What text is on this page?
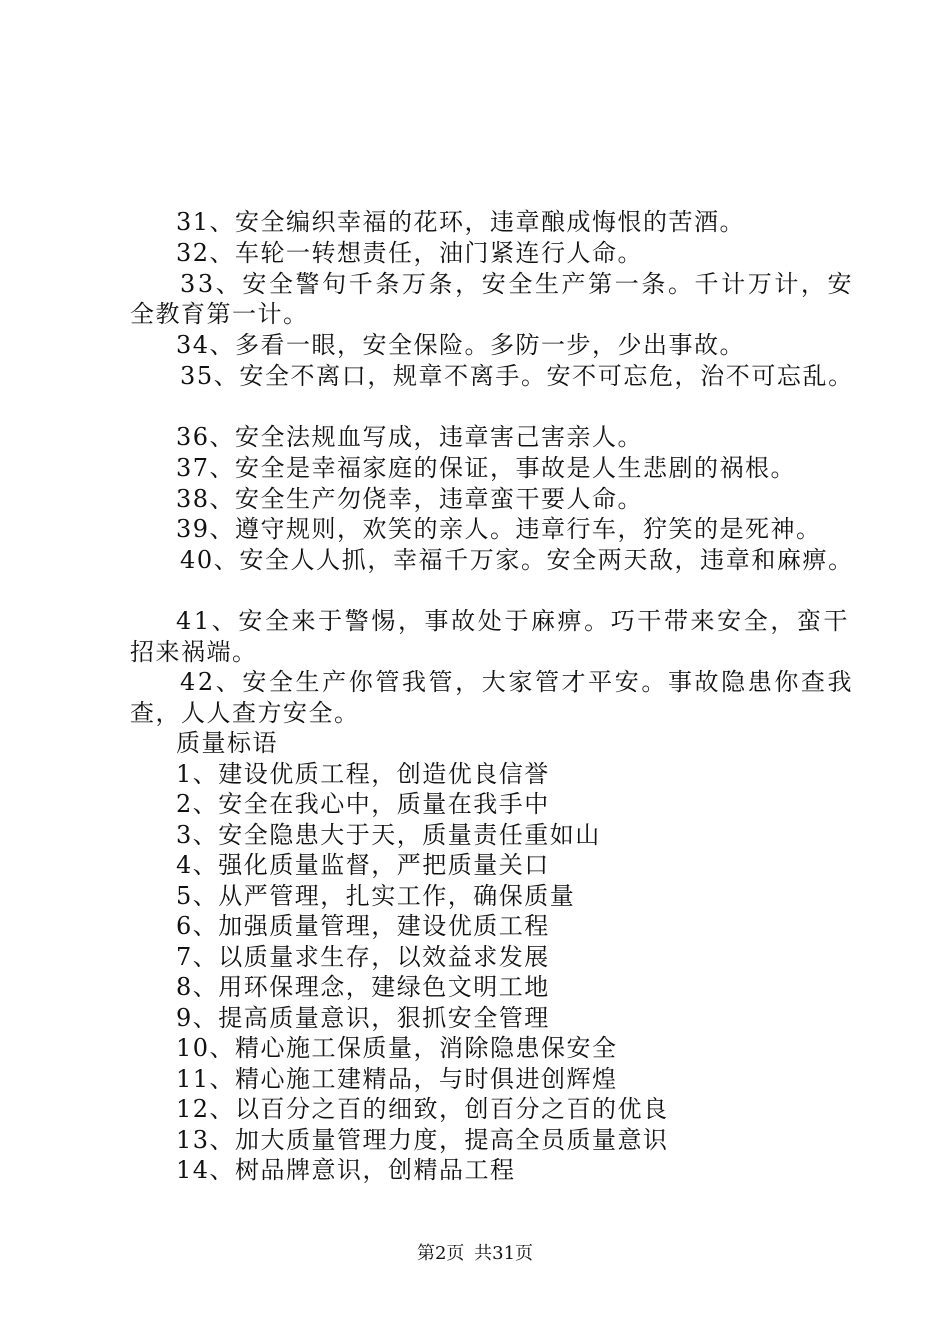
31、安全编织幸福的花环，违章酿成悔恨的苦酒。
32、车轮一转想责任，油门紧连行人命。
33、安全警句千条万条，安全生产第一条。千计万计，安
全教育第一计。
34、多看一眼，安全保险。多防一步，少出事故。
35、安全不离口，规章不离手。安不可忘危，治不可忘乱。
36、安全法规血写成，违章害己害亲人。
37、安全是幸福家庭的保证，事故是人生悲剧的祸根。
38、安全生产勿侥幸，违章蛮干要人命。
39、遵守规则，欢笑的亲人。违章行车，狞笑的是死神。
40、安全人人抓，幸福千万家。安全两天敌，违章和麻痹。
41、安全来于警惕，事故处于麻痹。巧干带来安全，蛮干
招来祸端。
42、安全生产你管我管，大家管才平安。事故隐患你查我
查，人人查方安全。
质量标语
1、建设优质工程，创造优良信誉
2、安全在我心中，质量在我手中
3、安全隐患大于天，质量责任重如山
4、强化质量监督，严把质量关口
5、从严管理，扎实工作，确保质量
6、加强质量管理，建设优质工程
7、以质量求生存，以效益求发展
8、用环保理念，建绿色文明工地
9、提高质量意识，狠抓安全管理
10、精心施工保质量，消除隐患保安全
11、精心施工建精品，与时俱进创辉煌
12、以百分之百的细致，创百分之百的优良
13、加大质量管理力度，提高全员质量意识
14、树品牌意识，创精品工程
第2页 共31页
